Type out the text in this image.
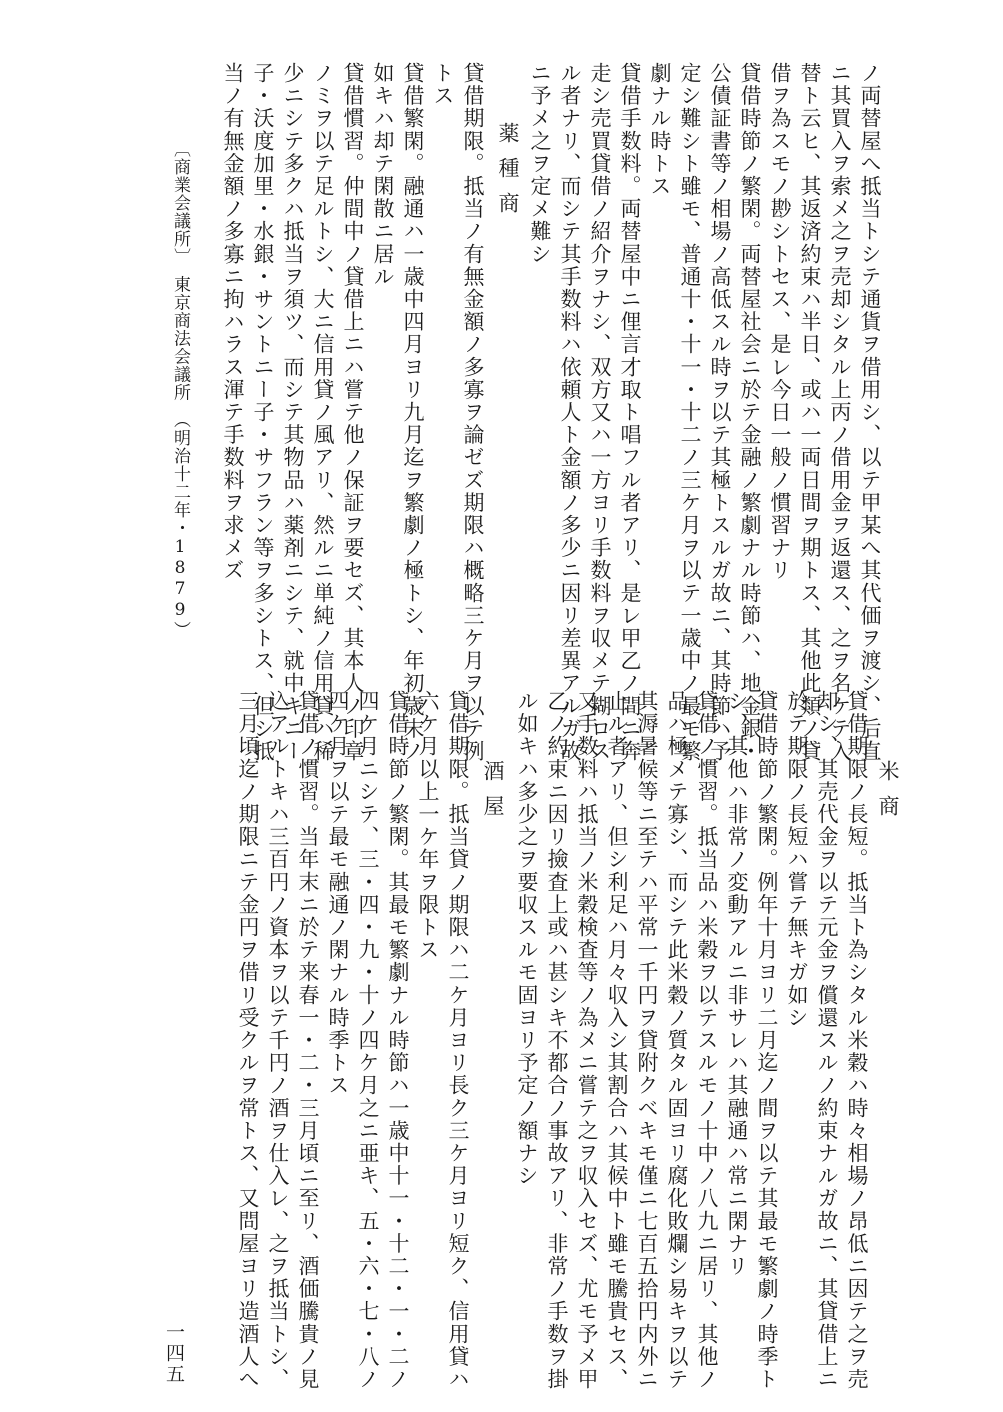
ノ両替屋へ抵当トシテ通貨ヲ借用シ、以テ甲某へ其代価ヲ渡シ、后直
ニ其買入ヲ索メ之ヲ売却シタル上丙ノ借用金ヲ返還ス、之ヲ名ケテ入
替ト云ヒ、其返済約束ハ半日、或ハ一両日間ヲ期トス、其他此類ノ貸
借ヲ為スモノ尠シトセス、是レ今日一般ノ慣習ナリ
貸借時節ノ繁閑。両替屋社会ニ於テ金融ノ繁劇ナル時節ハ、地金銀・
公債証書等ノ相場ノ高低スル時ヲ以テ其極トスルガ故ニ、其時節ハ予
定シ難シト雖モ、普通十・十一・十二ノ三ケ月ヲ以テ一歳中ノ最モ繁
劇ナル時トス
貸借手数料。両替屋中ニ俚言才取ト唱フル者アリ、是レ甲乙ノ間ニ奔
走シ売買貸借ノ紹介ヲナシ、双方又ハ一方ヨリ手数料ヲ収メテ糊ロス
ル者ナリ、而シテ其手数料ハ依頼人ト金額ノ多少ニ因リ差異アルガ故
ニ予メ之ヲ定メ難シ
薬種商
貸借期限。抵当ノ有無金額ノ多寡ヲ論ゼズ期限ハ概略三ケ月ヲ以テ例
トス
貸借繁閑。融通ハ一歳中四月ヨリ九月迄ヲ繁劇ノ極トシ、年初歳末ノ
如キハ却テ閑散ニ居ル
貸借慣習。仲間中ノ貸借上ニハ嘗テ他ノ保証ヲ要セズ、其本人ノ印章
ノミヲ以テ足ルトシ、大ニ信用貸ノ風アリ、然ルニ単純ノ信用貸ハ稀
少ニシテ多クハ抵当ヲ須ツ、而シテ其物品ハ薬剤ニシテ、就中キニー
子・沃度加里・水銀・サントニー子・サフラン等ヲ多シトス、但シ抵
当ノ有無金額ノ多寡ニ拘ハラス渾テ手数料ヲ求メズ
〔商業会議所〕　東京商法会議所　（明治十二年・1879）
米商
貸借期限ノ長短。抵当ト為シタル米穀ハ時々相場ノ昂低ニ因テ之ヲ売
却シ、其売代金ヲ以テ元金ヲ償還スルノ約束ナルガ故ニ、其貸借上ニ
於テ期限ノ長短ハ嘗テ無キガ如シ
貸借時節ノ繁閑。例年十月ヨリ二月迄ノ間ヲ以テ其最モ繁劇ノ時季ト
シ、其他ハ非常ノ変動アルニ非サレハ其融通ハ常ニ閑ナリ
貸借ノ慣習。抵当品ハ米穀ヲ以テスルモノ十中ノ八九ニ居リ、其他ノ
品ハ極メテ寡シ、而シテ此米穀ノ質タル固ヨリ腐化敗爛シ易キヲ以テ
其溽暑候等ニ至テハ平常一千円ヲ貸附クベキモ僅ニ七百五拾円内外ニ
止ル者アリ、但シ利足ハ月々収入シ其割合ハ其候中ト雖モ騰貴セス、
又手数料ハ抵当ノ米穀検査等ノ為メニ嘗テ之ヲ収入セズ、尤モ予メ甲
乙ノ約束ニ因リ撿査上或ハ甚シキ不都合ノ事故アリ、非常ノ手数ヲ掛
ル如キハ多少之ヲ要収スルモ固ヨリ予定ノ額ナシ
酒屋
貸借期限。抵当貸ノ期限ハ二ケ月ヨリ長ク三ケ月ヨリ短ク、信用貸ハ
六ケ月以上一ケ年ヲ限トス
貸借時節ノ繁閑。其最モ繁劇ナル時節ハ一歳中十一・十二・一・二ノ
四ケ月ニシテ、三・四・九・十ノ四ケ月之ニ亜キ、五・六・七・八ノ
四ケ月ヲ以テ最モ融通ノ閑ナル時季トス
貸借ノ慣習。当年末ニ於テ来春一・二・三月頃ニ至リ、酒価騰貴ノ見
込アルトキハ三百円ノ資本ヲ以テ千円ノ酒ヲ仕入レ、之ヲ抵当トシ、
三月頃迄ノ期限ニテ金円ヲ借リ受クルヲ常トス、又問屋ヨリ造酒人へ
一四五
